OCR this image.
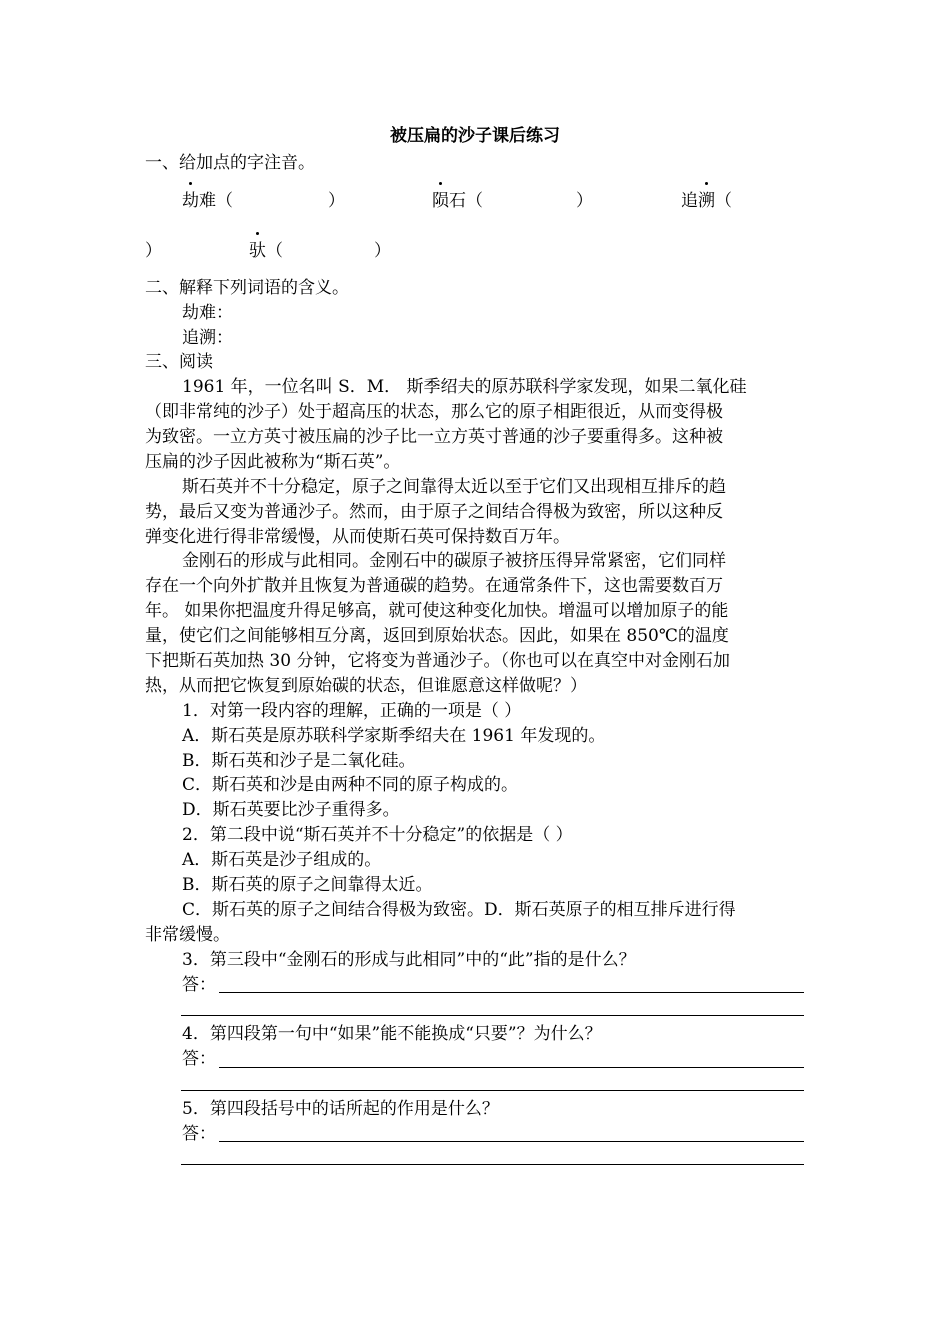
被压扁的沙子课后练习
一、给加点的字注音。
劫难（	）	陨石（	）	追溯（
）	驮（	）
二、解释下列词语的含义。
劫难：
追溯：
三、阅读
1961 年，一位名叫 S．M． 斯季绍夫的原苏联科学家发现，如果二氧化硅
（即非常纯的沙子）处于超高压的状态，那么它的原子相距很近，从而变得极
为致密。一立方英寸被压扁的沙子比一立方英寸普通的沙子要重得多。这种被
压扁的沙子因此被称为“斯石英”。
斯石英并不十分稳定，原子之间靠得太近以至于它们又出现相互排斥的趋
势，最后又变为普通沙子。然而，由于原子之间结合得极为致密，所以这种反
弹变化进行得非常缓慢，从而使斯石英可保持数百万年。
金刚石的形成与此相同。金刚石中的碳原子被挤压得异常紧密，它们同样
存在一个向外扩散并且恢复为普通碳的趋势。在通常条件下，这也需要数百万
年。 如果你把温度升得足够高，就可使这种变化加快。增温可以增加原子的能
量，使它们之间能够相互分离，返回到原始状态。因此，如果在 850℃的温度
下把斯石英加热 30 分钟，它将变为普通沙子。（你也可以在真空中对金刚石加
热，从而把它恢复到原始碳的状态，但谁愿意这样做呢？）
1．对第一段内容的理解，正确的一项是（ ）
A．斯石英是原苏联科学家斯季绍夫在 1961 年发现的。
B．斯石英和沙子是二氧化硅。
C．斯石英和沙是由两种不同的原子构成的。
D．斯石英要比沙子重得多。
2．第二段中说“斯石英并不十分稳定”的依据是（ ）
A．斯石英是沙子组成的。
B．斯石英的原子之间靠得太近。
C．斯石英的原子之间结合得极为致密。D．斯石英原子的相互排斥进行得
非常缓慢。
3．第三段中“金刚石的形成与此相同”中的“此”指的是什么？
答：
4．第四段第一句中“如果”能不能换成“只要”？为什么？
答：
5．第四段括号中的话所起的作用是什么？
答：
